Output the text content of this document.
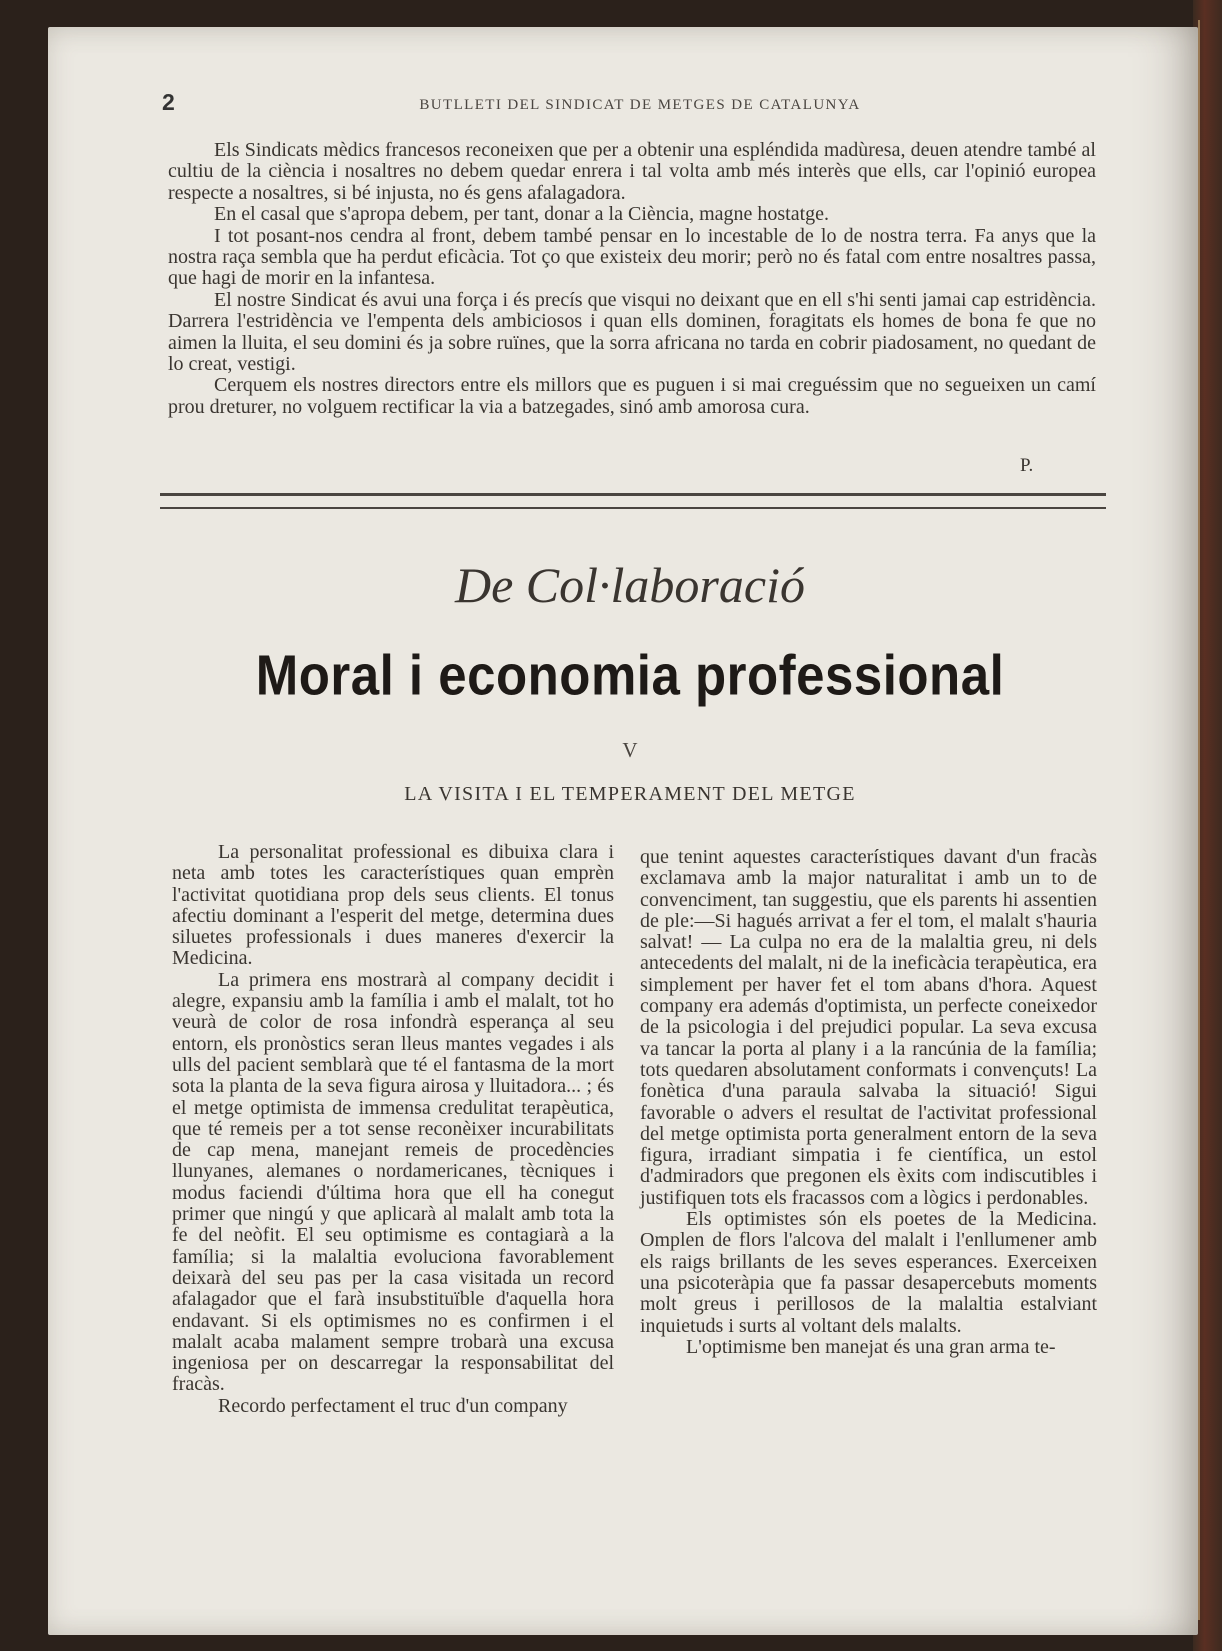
2	BUTLLETI DEL SINDICAT DE METGES DE CATALUNYA

Els Sindicats mèdics francesos reconeixen que per a obtenir una espléndida madùresa, deuen atendre també al cultiu de la ciència i nosaltres no debem quedar enrera i tal volta amb més interès que ells, car l'opinió europea respecte a nosaltres, si bé injusta, no és gens afalagadora.

En el casal que s'apropa debem, per tant, donar a la Ciència, magne hostatge.

I tot posant-nos cendra al front, debem també pensar en lo incestable de lo de nostra terra. Fa anys que la nostra raça sembla que ha perdut eficàcia. Tot ço que existeix deu morir; però no és fatal com entre nosaltres passa, que hagi de morir en la infantesa.

El nostre Sindicat és avui una força i és precís que visqui no deixant que en ell s'hi senti jamai cap estridència. Darrera l'estridència ve l'empenta dels ambiciosos i quan ells dominen, foragitats els homes de bona fe que no aimen la lluita, el seu domini és ja sobre ruïnes, que la sorra africana no tarda en cobrir piadosament, no quedant de lo creat, vestigi.

Cerquem els nostres directors entre els millors que es puguen i si mai creguéssim que no segueixen un camí prou dreturer, no volguem rectificar la via a batzegades, sinó amb amorosa cura.

P.
De Col·laboració
Moral i economia professional
V
LA VISITA I EL TEMPERAMENT DEL METGE

La personalitat professional es dibuixa clara i neta amb totes les característiques quan emprèn l'activitat quotidiana prop dels seus clients. El tonus afectiu dominant a l'esperit del metge, determina dues siluetes professionals i dues maneres d'exercir la Medicina.

La primera ens mostrarà al company decidit i alegre, expansiu amb la família i amb el malalt, tot ho veurà de color de rosa infondrà esperança al seu entorn, els pronòstics seran lleus mantes vegades i als ulls del pacient semblarà que té el fantasma de la mort sota la planta de la seva figura airosa y lluitadora... ; és el metge optimista de immensa credulitat terapèutica, que té remeis per a tot sense reconèixer incurabilitats de cap mena, manejant remeis de procedències llunyanes, alemanes o nordamericanes, tècniques i modus faciendi d'última hora que ell ha conegut primer que ningú y que aplicarà al malalt amb tota la fe del neòfit. El seu optimisme es contagiarà a la família; si la malaltia evoluciona favorablement deixarà del seu pas per la casa visitada un record afalagador que el farà insubstituïble d'aquella hora endavant. Si els optimismes no es confirmen i el malalt acaba malament sempre trobarà una excusa ingeniosa per on descarregar la responsabilitat del fracàs.

Recordo perfectament el truc d'un company

que tenint aquestes característiques davant d'un fracàs exclamava amb la major naturalitat i amb un to de convenciment, tan suggestiu, que els parents hi assentien de ple:—Si hagués arrivat a fer el tom, el malalt s'hauria salvat! — La culpa no era de la malaltia greu, ni dels antecedents del malalt, ni de la ineficàcia terapèutica, era simplement per haver fet el tom abans d'hora. Aquest company era además d'optimista, un perfecte coneixedor de la psicologia i del prejudici popular. La seva excusa va tancar la porta al plany i a la rancúnia de la família; tots quedaren absolutament conformats i convençuts! La fonètica d'una paraula salvaba la situació! Sigui favorable o advers el resultat de l'activitat professional del metge optimista porta generalment entorn de la seva figura, irradiant simpatia i fe científica, un estol d'admiradors que pregonen els èxits com indiscutibles i justifiquen tots els fracassos com a lògics i perdonables.

Els optimistes són els poetes de la Medicina. Omplen de flors l'alcova del malalt i l'enllumener amb els raigs brillants de les seves esperances. Exerceixen una psicoteràpia que fa passar desapercebuts moments molt greus i perillosos de la malaltia estalviant inquietuds i surts al voltant dels malalts.

L'optimisme ben manejat és una gran arma te-
